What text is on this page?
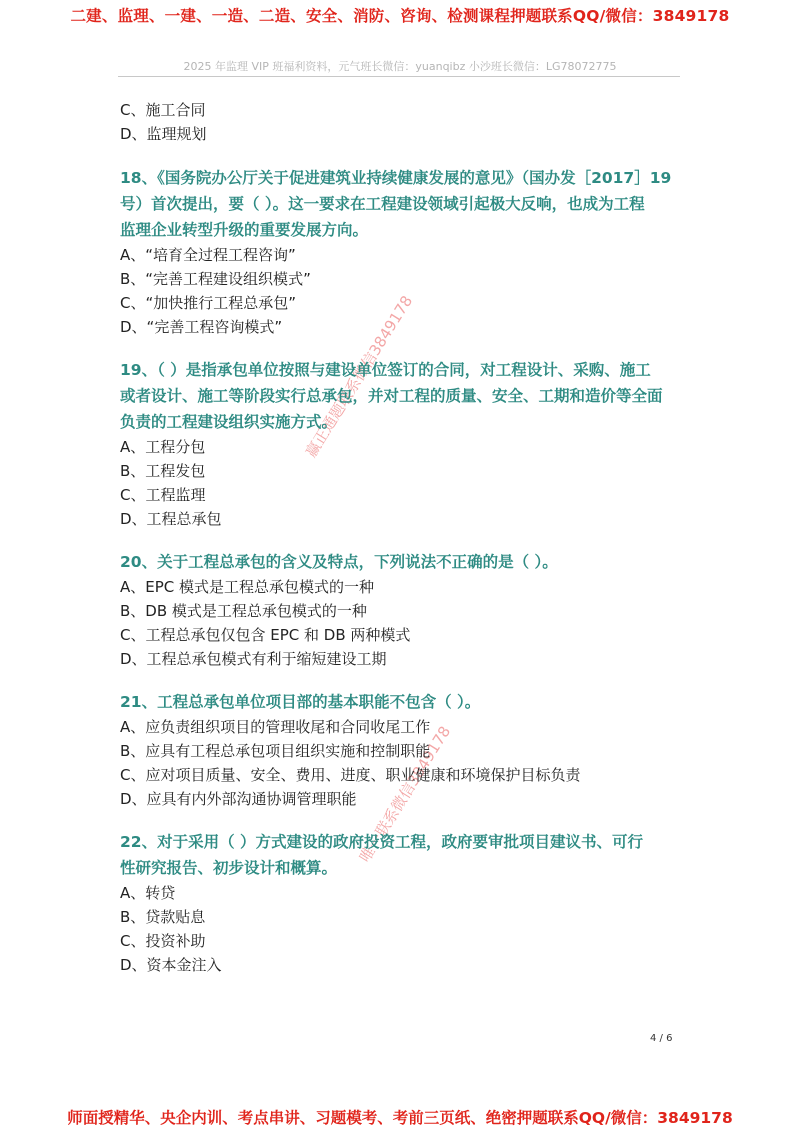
二建、监理、一建、一造、二造、安全、消防、咨询、检测课程押题联系QQ/微信：3849178
2025 年监理 VIP 班福利资料，元气班长微信：yuanqibz 小沙班长微信：LG78072775
赢正通题联系微信3849178
唯一联系微信3849178
C、施工合同
D、监理规划
18、《国务院办公厅关于促进建筑业持续健康发展的意见》（国办发［2017］19
号）首次提出，要（ ）。这一要求在工程建设领域引起极大反响，也成为工程
监理企业转型升级的重要发展方向。
A、“培育全过程工程咨询”
B、“完善工程建设组织模式”
C、“加快推行工程总承包”
D、“完善工程咨询模式”
19、（ ）是指承包单位按照与建设单位签订的合同，对工程设计、采购、施工
或者设计、施工等阶段实行总承包，并对工程的质量、安全、工期和造价等全面
负责的工程建设组织实施方式。
A、工程分包
B、工程发包
C、工程监理
D、工程总承包
20、关于工程总承包的含义及特点，下列说法不正确的是（ ）。
A、EPC 模式是工程总承包模式的一种
B、DB 模式是工程总承包模式的一种
C、工程总承包仅包含 EPC 和 DB 两种模式
D、工程总承包模式有利于缩短建设工期
21、工程总承包单位项目部的基本职能不包含（ ）。
A、应负责组织项目的管理收尾和合同收尾工作
B、应具有工程总承包项目组织实施和控制职能
C、应对项目质量、安全、费用、进度、职业健康和环境保护目标负责
D、应具有内外部沟通协调管理职能
22、对于采用（ ）方式建设的政府投资工程，政府要审批项目建议书、可行
性研究报告、初步设计和概算。
A、转贷
B、贷款贴息
C、投资补助
D、资本金注入
4 / 6
师面授精华、央企内训、考点串讲、习题模考、考前三页纸、绝密押题联系QQ/微信：3849178
